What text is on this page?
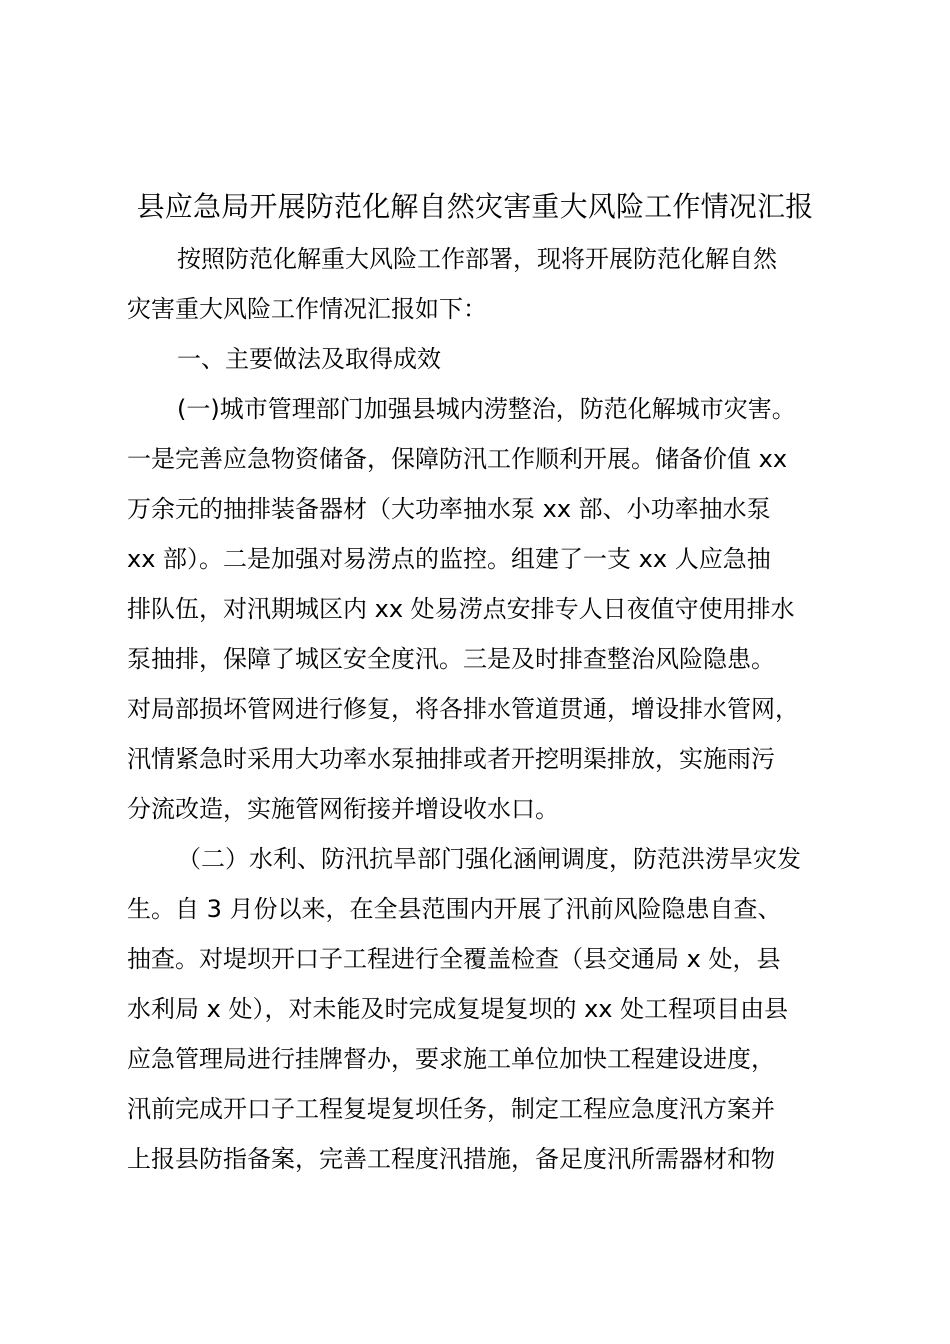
县应急局开展防范化解自然灾害重大风险工作情况汇报
按照防范化解重大风险工作部署，现将开展防范化解自然
灾害重大风险工作情况汇报如下：
一、主要做法及取得成效
(一)城市管理部门加强县城内涝整治，防范化解城市灾害。
一是完善应急物资储备，保障防汛工作顺利开展。储备价值 xx
万余元的抽排装备器材（大功率抽水泵 xx 部、小功率抽水泵
xx 部）。二是加强对易涝点的监控。组建了一支 xx 人应急抽
排队伍，对汛期城区内 xx 处易涝点安排专人日夜值守使用排水
泵抽排，保障了城区安全度汛。三是及时排查整治风险隐患。
对局部损坏管网进行修复，将各排水管道贯通，增设排水管网，
汛情紧急时采用大功率水泵抽排或者开挖明渠排放，实施雨污
分流改造，实施管网衔接并增设收水口。
（二）水利、防汛抗旱部门强化涵闸调度，防范洪涝旱灾发
生。自 3 月份以来，在全县范围内开展了汛前风险隐患自查、
抽查。对堤坝开口子工程进行全覆盖检查（县交通局 x 处，县
水利局 x 处），对未能及时完成复堤复坝的 xx 处工程项目由县
应急管理局进行挂牌督办，要求施工单位加快工程建设进度，
汛前完成开口子工程复堤复坝任务，制定工程应急度汛方案并
上报县防指备案，完善工程度汛措施，备足度汛所需器材和物
